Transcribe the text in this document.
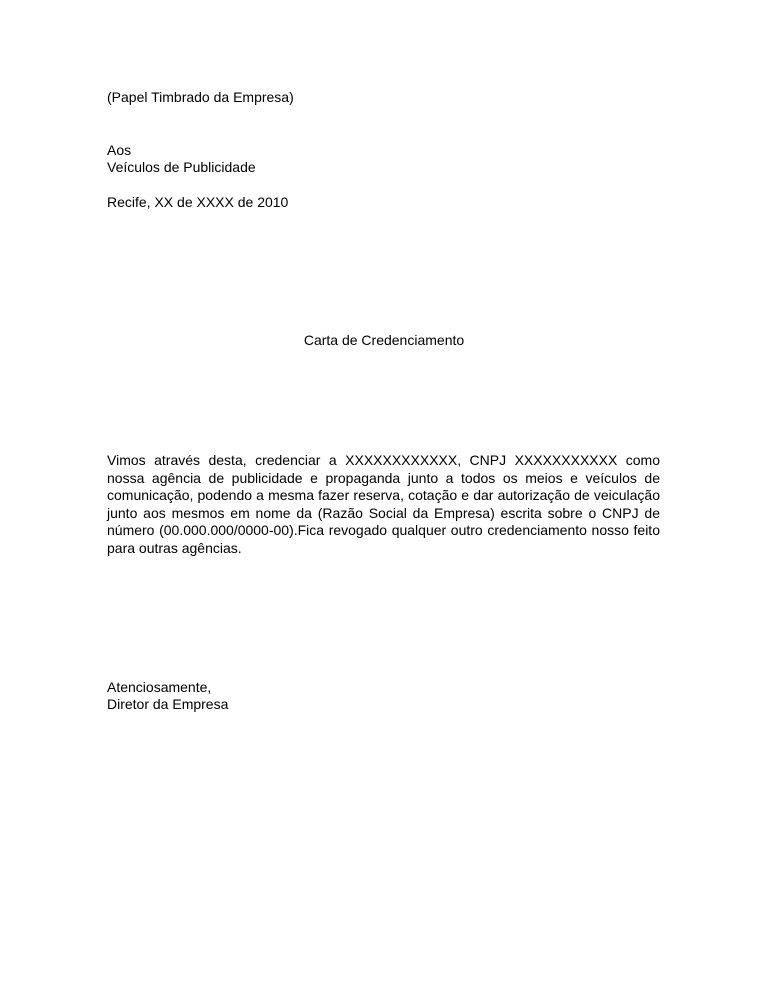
(Papel Timbrado da Empresa)
Aos
Veículos de Publicidade
Recife, XX de XXXX de 2010
Carta de Credenciamento
Vimos através desta, credenciar a XXXXXXXXXXXX, CNPJ XXXXXXXXXXX como nossa agência de publicidade e propaganda junto a todos os meios e veículos de comunicação, podendo a mesma fazer reserva, cotação e dar autorização de veiculação junto aos mesmos em nome da (Razão Social da Empresa) escrita sobre o CNPJ de número (00.000.000/0000-00).Fica revogado qualquer outro credenciamento nosso feito para outras agências.
Atenciosamente,
Diretor da Empresa
